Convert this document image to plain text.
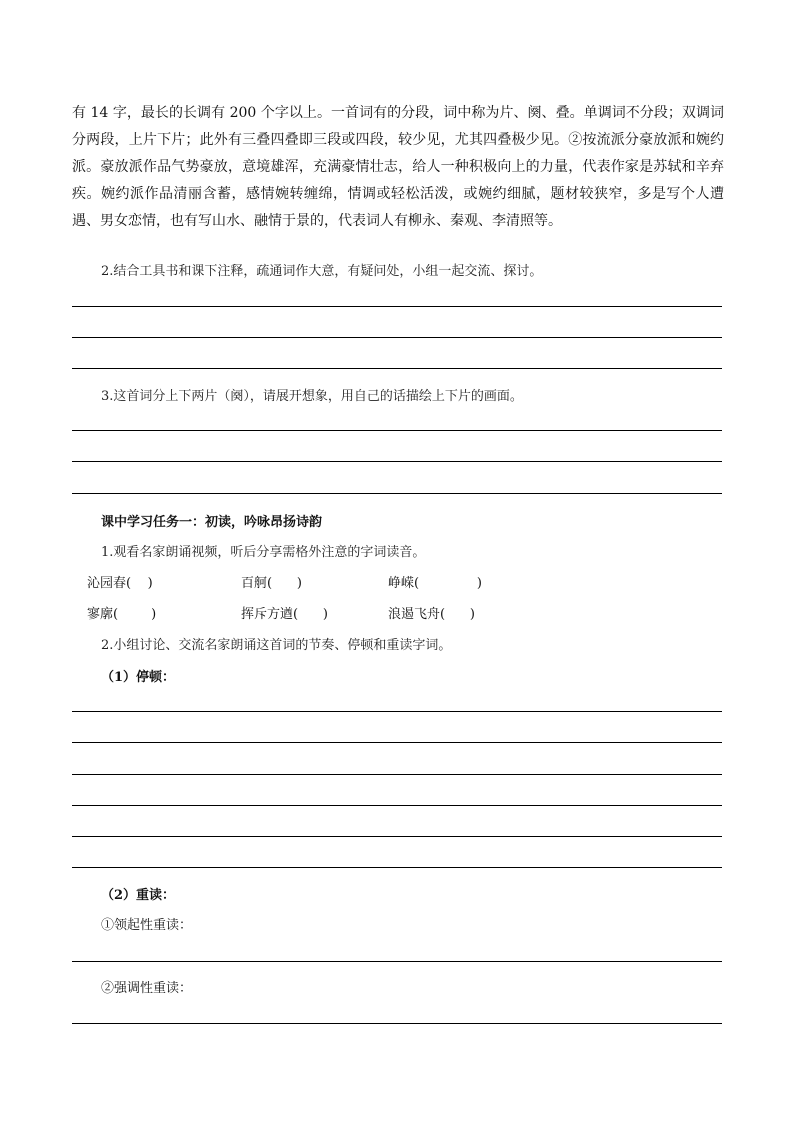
有 14 字，最长的长调有 200 个字以上。一首词有的分段，词中称为片、阕、叠。单调词不分段；双调词分两段，上片下片；此外有三叠四叠即三段或四段，较少见，尤其四叠极少见。②按流派分豪放派和婉约派。豪放派作品气势豪放，意境雄浑，充满豪情壮志，给人一种积极向上的力量，代表作家是苏轼和辛弃疾。婉约派作品清丽含蓄，感情婉转缠绵，情调或轻松活泼，或婉约细腻，题材较狭窄，多是写个人遭遇、男女恋情，也有写山水、融情于景的，代表词人有柳永、秦观、李清照等。

2.结合工具书和课下注释，疏通词作大意，有疑问处，小组一起交流、探讨。
3.这首词分上下两片（阕），请展开想象，用自己的话描绘上下片的画面。
课中学习任务一：初读，吟咏昂扬诗韵
1.观看名家朗诵视频，听后分享需格外注意的字词读音。
沁园春(    )	百舸(      )	峥嵘(              )
寥廓(        )	挥斥方遒(      )	浪遏飞舟(      )
2.小组讨论、交流名家朗诵这首词的节奏、停顿和重读字词。
（1）停顿：
（2）重读：
①领起性重读：
②强调性重读：
